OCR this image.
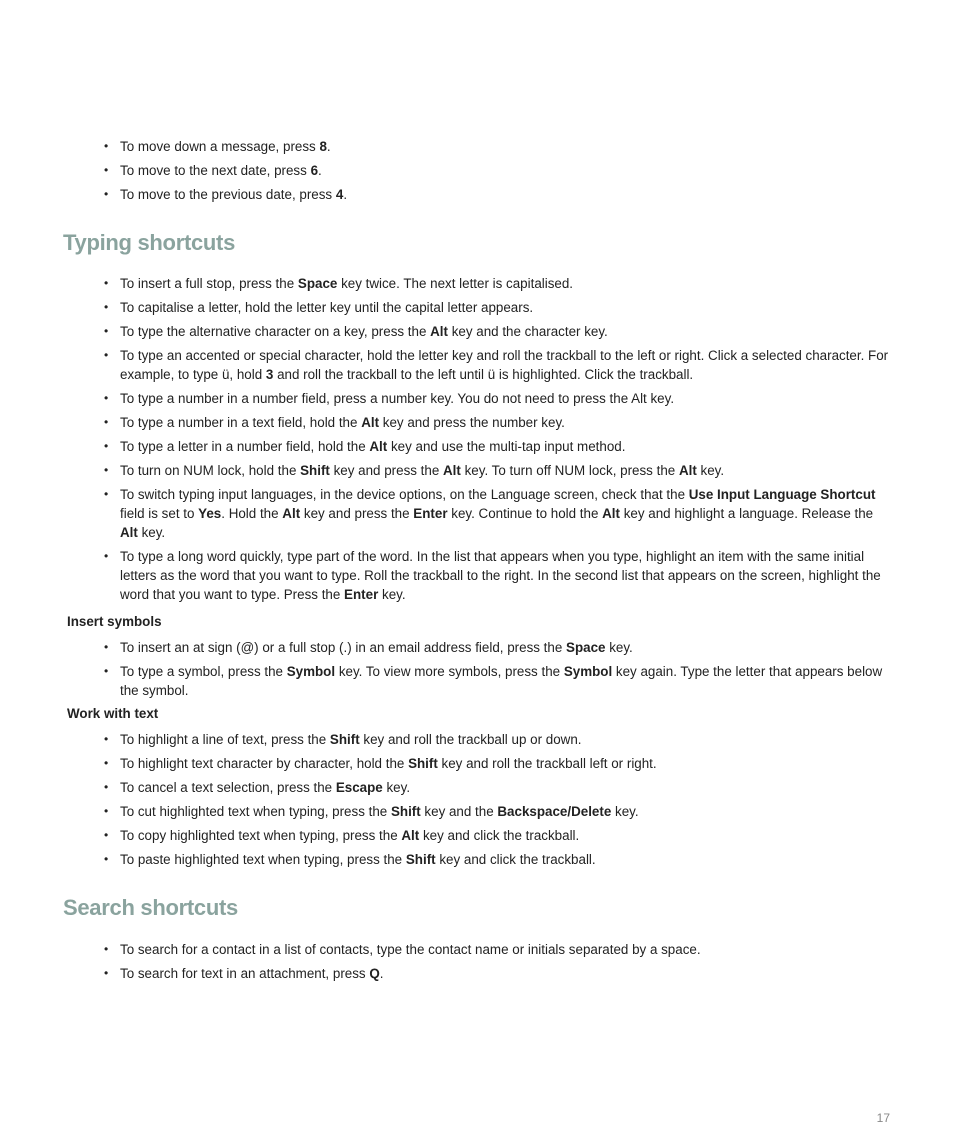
• To move down a message, press 8.
• To move to the next date, press 6.
• To move to the previous date, press 4.
Typing shortcuts
• To insert a full stop, press the Space key twice. The next letter is capitalised.
• To capitalise a letter, hold the letter key until the capital letter appears.
• To type the alternative character on a key, press the Alt key and the character key.
• To type an accented or special character, hold the letter key and roll the trackball to the left or right. Click a selected character. For example, to type ü, hold 3 and roll the trackball to the left until ü is highlighted. Click the trackball.
• To type a number in a number field, press a number key. You do not need to press the Alt key.
• To type a number in a text field, hold the Alt key and press the number key.
• To type a letter in a number field, hold the Alt key and use the multi-tap input method.
• To turn on NUM lock, hold the Shift key and press the Alt key. To turn off NUM lock, press the Alt key.
• To switch typing input languages, in the device options, on the Language screen, check that the Use Input Language Shortcut field is set to Yes. Hold the Alt key and press the Enter key. Continue to hold the Alt key and highlight a language. Release the Alt key.
• To type a long word quickly, type part of the word. In the list that appears when you type, highlight an item with the same initial letters as the word that you want to type. Roll the trackball to the right. In the second list that appears on the screen, highlight the word that you want to type. Press the Enter key.
Insert symbols
• To insert an at sign (@) or a full stop (.) in an email address field, press the Space key.
• To type a symbol, press the Symbol key. To view more symbols, press the Symbol key again. Type the letter that appears below the symbol.
Work with text
• To highlight a line of text, press the Shift key and roll the trackball up or down.
• To highlight text character by character, hold the Shift key and roll the trackball left or right.
• To cancel a text selection, press the Escape key.
• To cut highlighted text when typing, press the Shift key and the Backspace/Delete key.
• To copy highlighted text when typing, press the Alt key and click the trackball.
• To paste highlighted text when typing, press the Shift key and click the trackball.
Search shortcuts
• To search for a contact in a list of contacts, type the contact name or initials separated by a space.
• To search for text in an attachment, press Q.
17
